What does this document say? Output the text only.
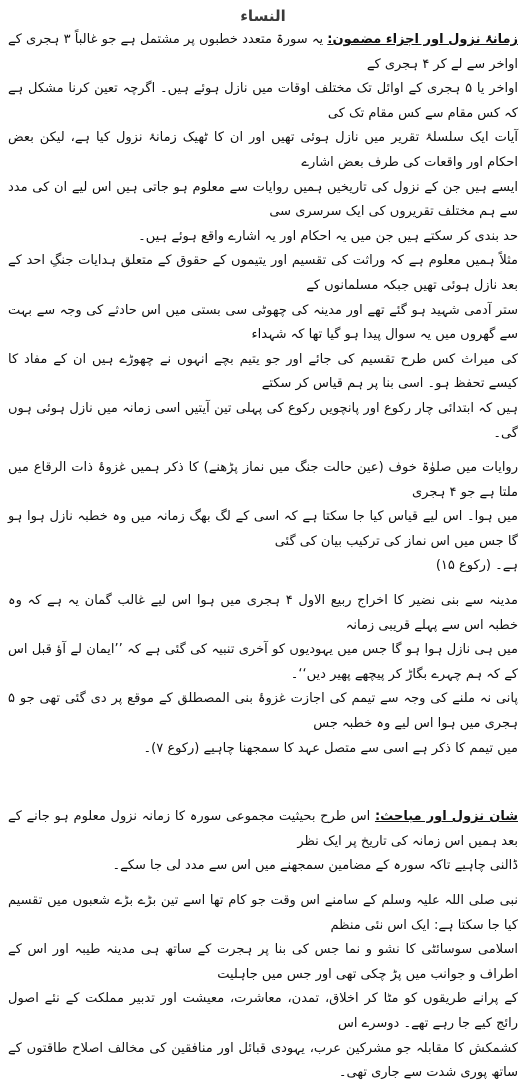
النساء
زمانۂ نزول اور اجزاء مضمون: یہ سورۃ متعدد خطبوں پر مشتمل ہے جو غالباً ۳ ہجری کے اواخر سے لے کر ۴ ہجری کے
اواخر یا ۵ ہجری کے اوائل تک مختلف اوقات میں نازل ہوئے ہیں۔ اگرچہ تعین کرنا مشکل ہے کہ کس مقام سے کس مقام تک کی
آیات ایک سلسلۂ تقریر میں نازل ہوئی تھیں اور ان کا ٹھیک زمانۂ نزول کیا ہے، لیکن بعض احکام اور واقعات کی طرف بعض اشارے
ایسے ہیں جن کے نزول کی تاریخیں ہمیں روایات سے معلوم ہو جاتی ہیں اس لیے ان کی مدد سے ہم مختلف تقریروں کی ایک سرسری سی
حد بندی کر سکتے ہیں جن میں یہ احکام اور یہ اشارے واقع ہوئے ہیں۔
مثلاً ہمیں معلوم ہے کہ وراثت کی تقسیم اور یتیموں کے حقوق کے متعلق ہدایات جنگِ احد کے بعد نازل ہوئی تھیں جبکہ مسلمانوں کے
ستر آدمی شہید ہو گئے تھے اور مدینہ کی چھوٹی سی بستی میں اس حادثے کی وجہ سے بہت سے گھروں میں یہ سوال پیدا ہو گیا تھا کہ شہداء
کی میراث کس طرح تقسیم کی جائے اور جو یتیم بچے انہوں نے چھوڑے ہیں ان کے مفاد کا کیسے تحفظ ہو۔ اسی بنا پر ہم قیاس کر سکتے
ہیں کہ ابتدائی چار رکوع اور پانچویں رکوع کی پہلی تین آیتیں اسی زمانہ میں نازل ہوئی ہوں گی۔
روایات میں صلوٰۃ خوف (عین حالت جنگ میں نماز پڑھنے) کا ذکر ہمیں غزوۂ ذات الرقاع میں ملتا ہے جو ۴ ہجری
میں ہوا۔ اس لیے قیاس کیا جا سکتا ہے کہ اسی کے لگ بھگ زمانہ میں وہ خطبہ نازل ہوا ہو گا جس میں اس نماز کی ترکیب بیان کی گئی
ہے۔ (رکوع ۱۵)
مدینہ سے بنی نضیر کا اخراج ربیع الاول ۴ ہجری میں ہوا اس لیے غالب گمان یہ ہے کہ وہ خطبہ اس سے پہلے قریبی زمانہ
میں ہی نازل ہوا ہو گا جس میں یہودیوں کو آخری تنبیہ کی گئی ہے کہ ’’ایمان لے آؤ قبل اس کے کہ ہم چہرے بگاڑ کر پیچھے پھیر دیں‘‘۔
پانی نہ ملنے کی وجہ سے تیمم کی اجازت غزوۂ بنی المصطلق کے موقع پر دی گئی تھی جو ۵ ہجری میں ہوا اس لیے وہ خطبہ جس
میں تیمم کا ذکر ہے اسی سے متصل عہد کا سمجھنا چاہیے (رکوع ۷)۔
شان نزول اور مباحث: اس طرح بحیثیت مجموعی سورہ کا زمانہ نزول معلوم ہو جانے کے بعد ہمیں اس زمانہ کی تاریخ پر ایک نظر
ڈالنی چاہیے تاکہ سورہ کے مضامین سمجھنے میں اس سے مدد لی جا سکے۔
نبی صلی اللہ علیہ وسلم کے سامنے اس وقت جو کام تھا اسے تین بڑے بڑے شعبوں میں تقسیم کیا جا سکتا ہے: ایک اس نئی منظم
اسلامی سوسائٹی کا نشو و نما جس کی بنا پر ہجرت کے ساتھ ہی مدینہ طیبہ اور اس کے اطراف و جوانب میں پڑ چکی تھی اور جس میں جاہلیت
کے پرانے طریقوں کو مٹا کر اخلاق، تمدن، معاشرت، معیشت اور تدبیر مملکت کے نئے اصول رائج کیے جا رہے تھے۔ دوسرے اس
کشمکش کا مقابلہ جو مشرکین عرب، یہودی قبائل اور منافقین کی مخالف اصلاح طاقتوں کے ساتھ پوری شدت سے جاری تھی۔
